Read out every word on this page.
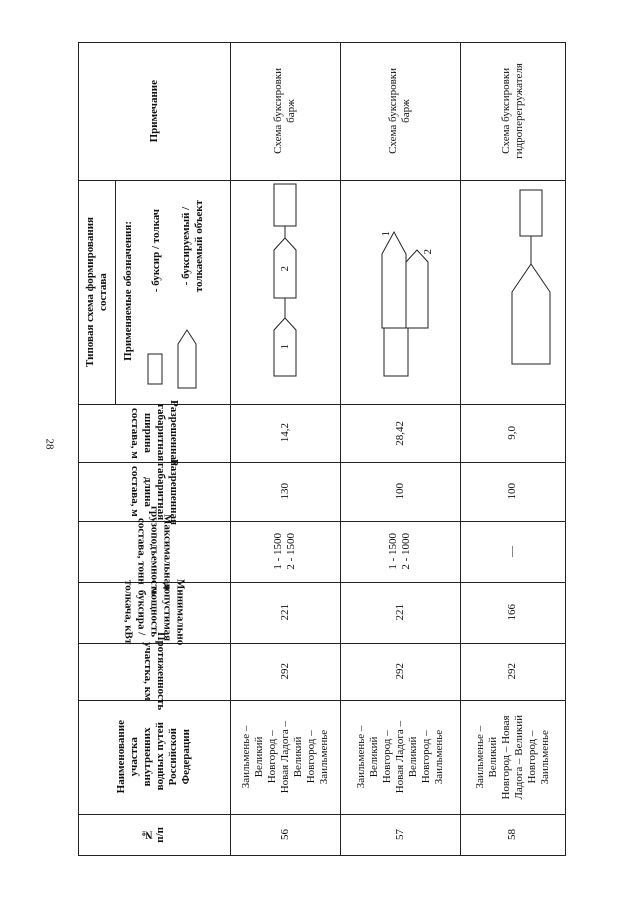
28
№
п/п
Наименование
участка
внутренних
водных путей
Российской
Федерации
Протяженность
участка, км
Минимально
допустимая мощность
буксира / толкача, кВт
Максимальная
грузоподъемность
состава, тонн
Разрешенная
габаритная длина
состава, м
Разрешенная
габаритная ширина
состава, м
Типовая схема формирования
состава Применяемые обозначения: - буксир / толкач - буксируемый /
толкаемый объект
Примечание
56
Заильменье –
Великий
Новгород –
Новая Ладога –
Великий
Новгород –
Заильменье
292
221
1 - 1500
2 - 1500
130
14,2
2
1
Схема буксировки
барж
57
Заильменье –
Великий
Новгород –
Новая Ладога –
Великий
Новгород –
Заильменье
292
221
1 - 1500
2 - 1000
100
28,42
1
2
Схема буксировки
барж
58
Заильменье –
Великий
Новгород – Новая
Ладога – Великий
Новгород –
Заильменье
292
166
—
100
9,0
Схема буксировки
гидроперегружателя
